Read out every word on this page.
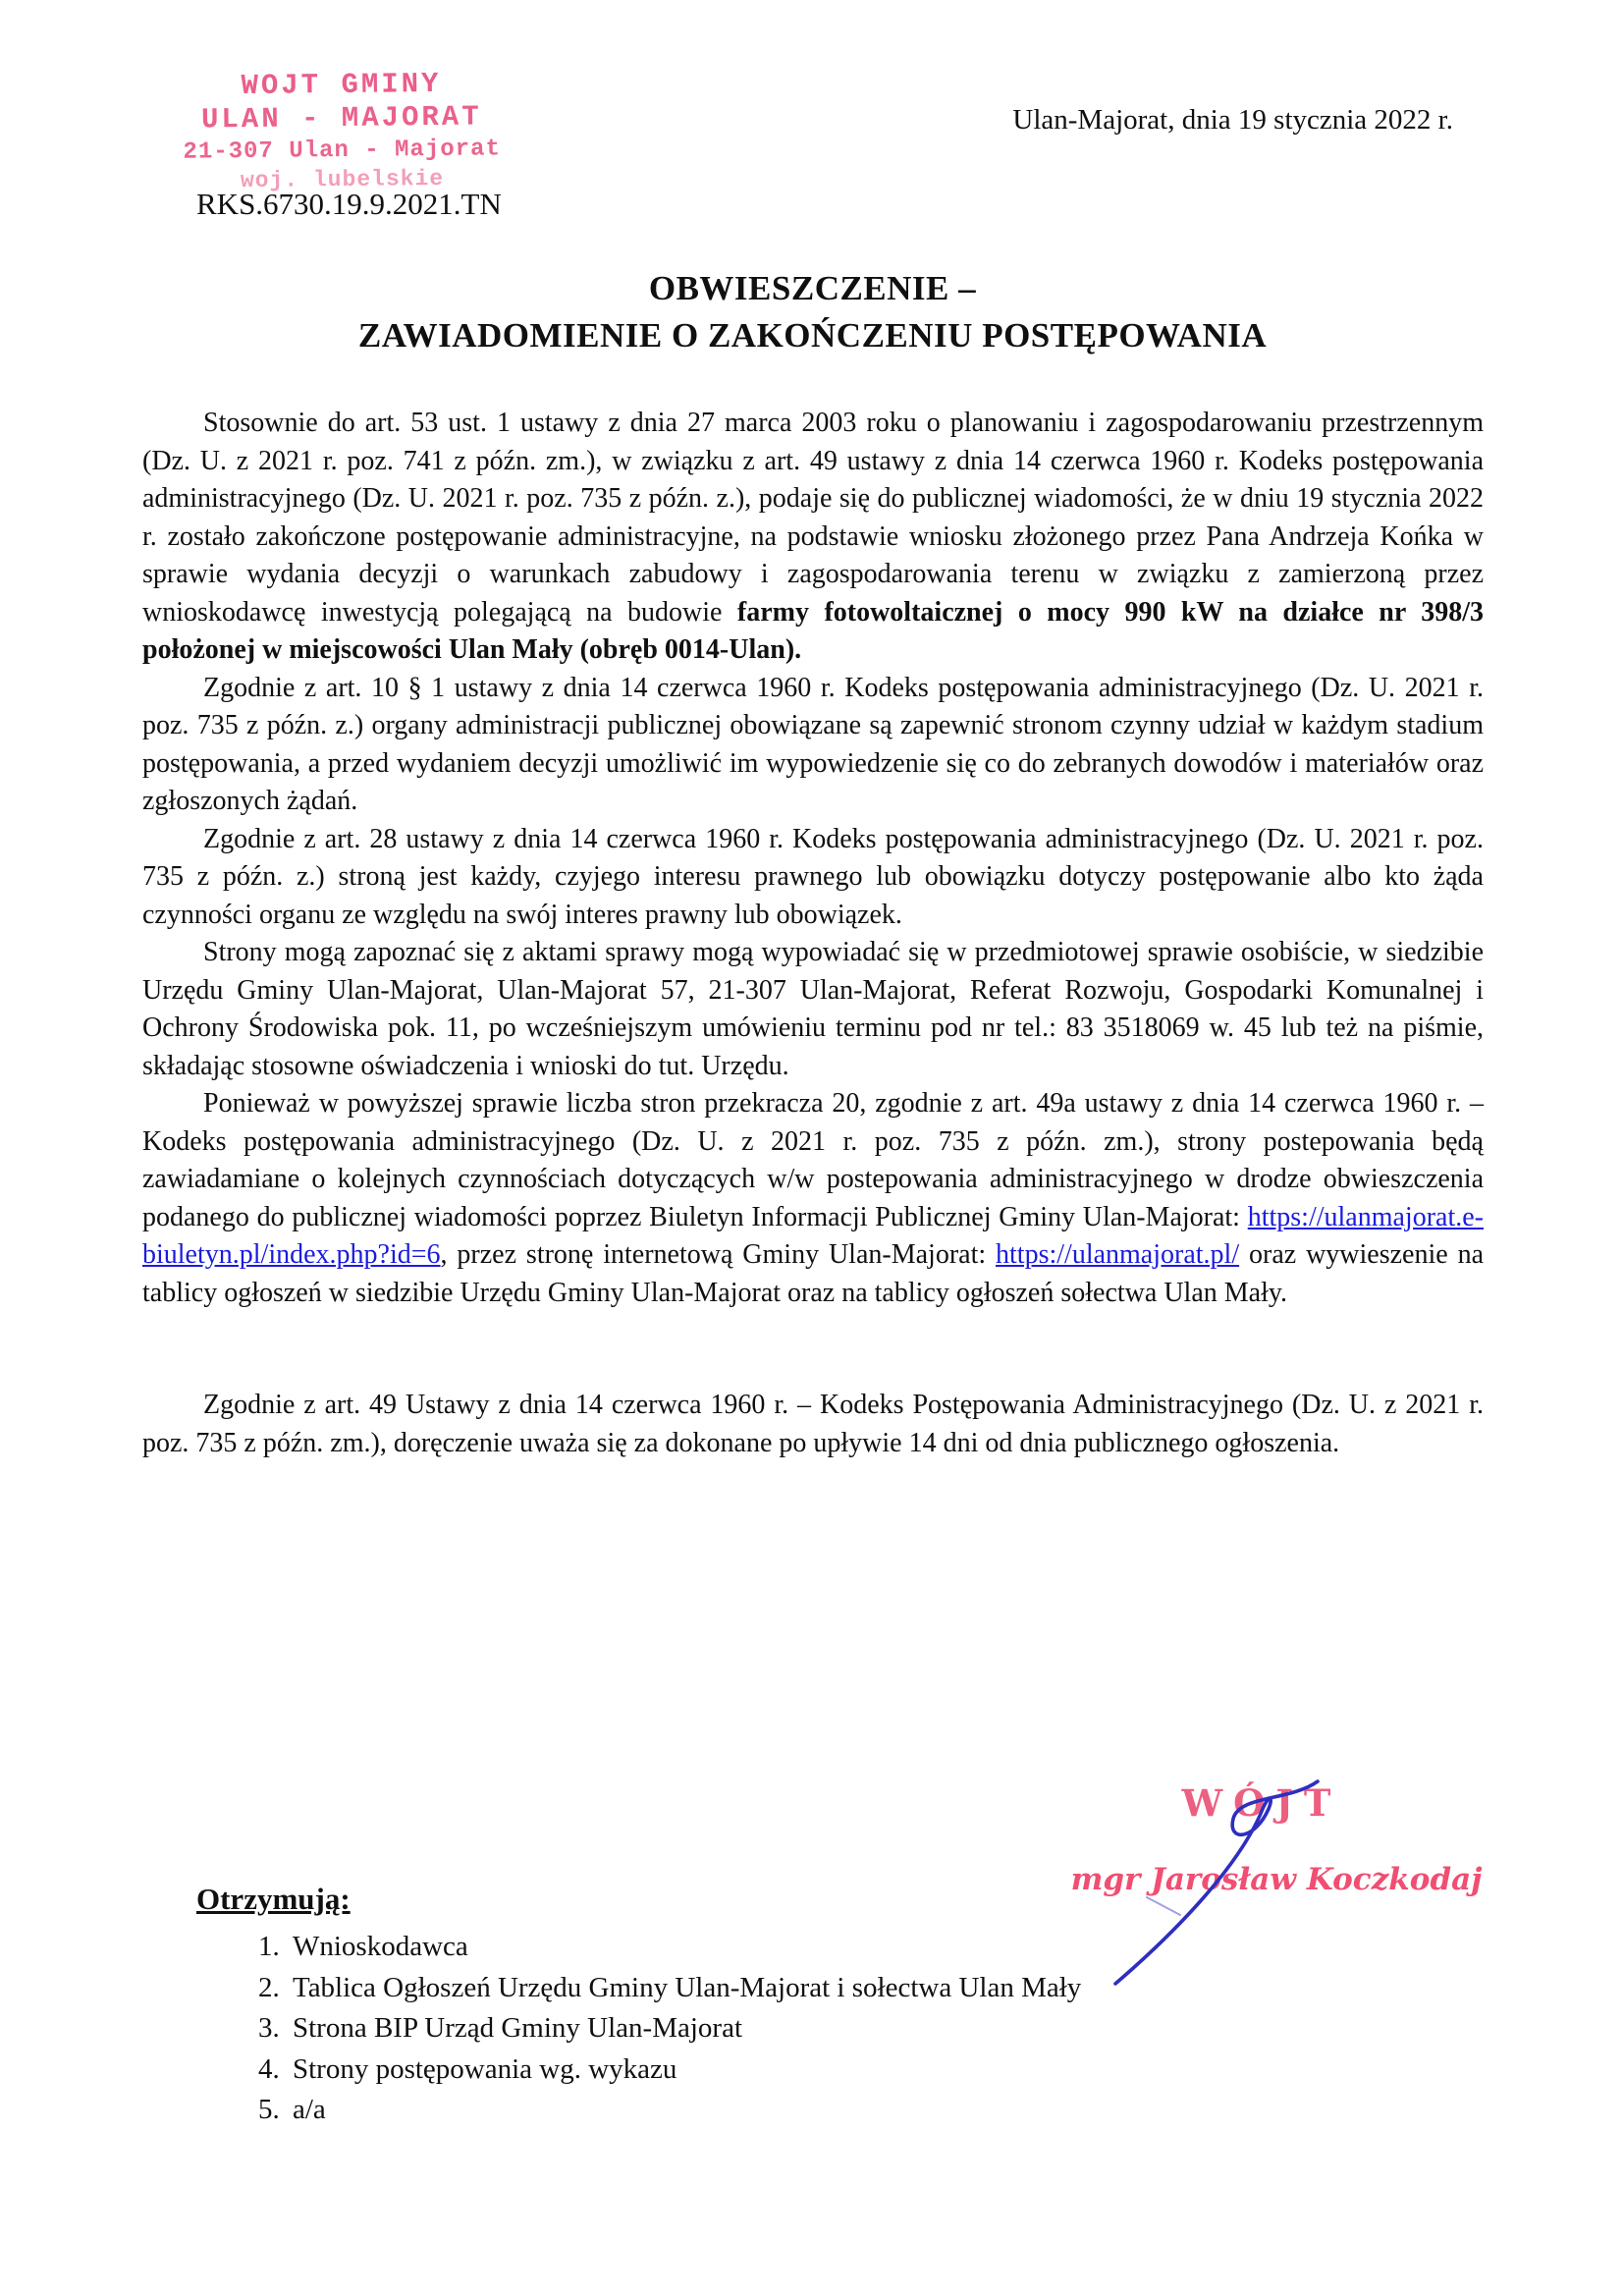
WOJT GMINY
ULAN - MAJORAT
21-307 Ulan - Majorat
woj. lubelskie
RKS.6730.19.9.2021.TN
Ulan-Majorat, dnia 19 stycznia 2022 r.
OBWIESZCZENIE –
ZAWIADOMIENIE O ZAKOŃCZENIU POSTĘPOWANIA

Stosownie do art. 53 ust. 1 ustawy z dnia 27 marca 2003 roku o planowaniu i zagospodarowaniu przestrzennym (Dz. U. z 2021 r. poz. 741 z późn. zm.), w związku z art. 49 ustawy z dnia 14 czerwca 1960 r. Kodeks postępowania administracyjnego (Dz. U. 2021 r. poz. 735 z późn. z.), podaje się do publicznej wiadomości, że w dniu 19 stycznia 2022 r. zostało zakończone postępowanie administracyjne, na podstawie wniosku złożonego przez Pana Andrzeja Końka w sprawie wydania decyzji o warunkach zabudowy i zagospodarowania terenu w związku z zamierzoną przez wnioskodawcę inwestycją polegającą na budowie farmy fotowoltaicznej o mocy 990 kW na działce nr 398/3 położonej w miejscowości Ulan Mały (obręb 0014-Ulan).

Zgodnie z art. 10 § 1 ustawy z dnia 14 czerwca 1960 r. Kodeks postępowania administracyjnego (Dz. U. 2021 r. poz. 735 z późn. z.) organy administracji publicznej obowiązane są zapewnić stronom czynny udział w każdym stadium postępowania, a przed wydaniem decyzji umożliwić im wypowiedzenie się co do zebranych dowodów i materiałów oraz zgłoszonych żądań.

Zgodnie z art. 28 ustawy z dnia 14 czerwca 1960 r. Kodeks postępowania administracyjnego (Dz. U. 2021 r. poz. 735 z późn. z.) stroną jest każdy, czyjego interesu prawnego lub obowiązku dotyczy postępowanie albo kto żąda czynności organu ze względu na swój interes prawny lub obowiązek.

Strony mogą zapoznać się z aktami sprawy mogą wypowiadać się w przedmiotowej sprawie osobiście, w siedzibie Urzędu Gminy Ulan-Majorat, Ulan-Majorat 57, 21-307 Ulan-Majorat, Referat Rozwoju, Gospodarki Komunalnej i Ochrony Środowiska pok. 11, po wcześniejszym umówieniu terminu pod nr tel.: 83 3518069 w. 45 lub też na piśmie, składając stosowne oświadczenia i wnioski do tut. Urzędu.

Ponieważ w powyższej sprawie liczba stron przekracza 20, zgodnie z art. 49a ustawy z dnia 14 czerwca 1960 r. – Kodeks postępowania administracyjnego (Dz. U. z 2021 r. poz. 735 z późn. zm.), strony postepowania będą zawiadamiane o kolejnych czynnościach dotyczących w/w postepowania administracyjnego w drodze obwieszczenia podanego do publicznej wiadomości poprzez Biuletyn Informacji Publicznej Gminy Ulan-Majorat: https://ulanmajorat.e-biuletyn.pl/index.php?id=6, przez stronę internetową Gminy Ulan-Majorat: https://ulanmajorat.pl/ oraz wywieszenie na tablicy ogłoszeń w siedzibie Urzędu Gminy Ulan-Majorat oraz na tablicy ogłoszeń sołectwa Ulan Mały.

Zgodnie z art. 49 Ustawy z dnia 14 czerwca 1960 r. – Kodeks Postępowania Administracyjnego (Dz. U. z 2021 r. poz. 735 z późn. zm.), doręczenie uważa się za dokonane po upływie 14 dni od dnia publicznego ogłoszenia.

WÓJT
mgr Jarosław Koczkodaj
Otrzymują:
1. Wnioskodawca
2. Tablica Ogłoszeń Urzędu Gminy Ulan-Majorat i sołectwa Ulan Mały
3. Strona BIP Urząd Gminy Ulan-Majorat
4. Strony postępowania wg. wykazu
5. a/a
